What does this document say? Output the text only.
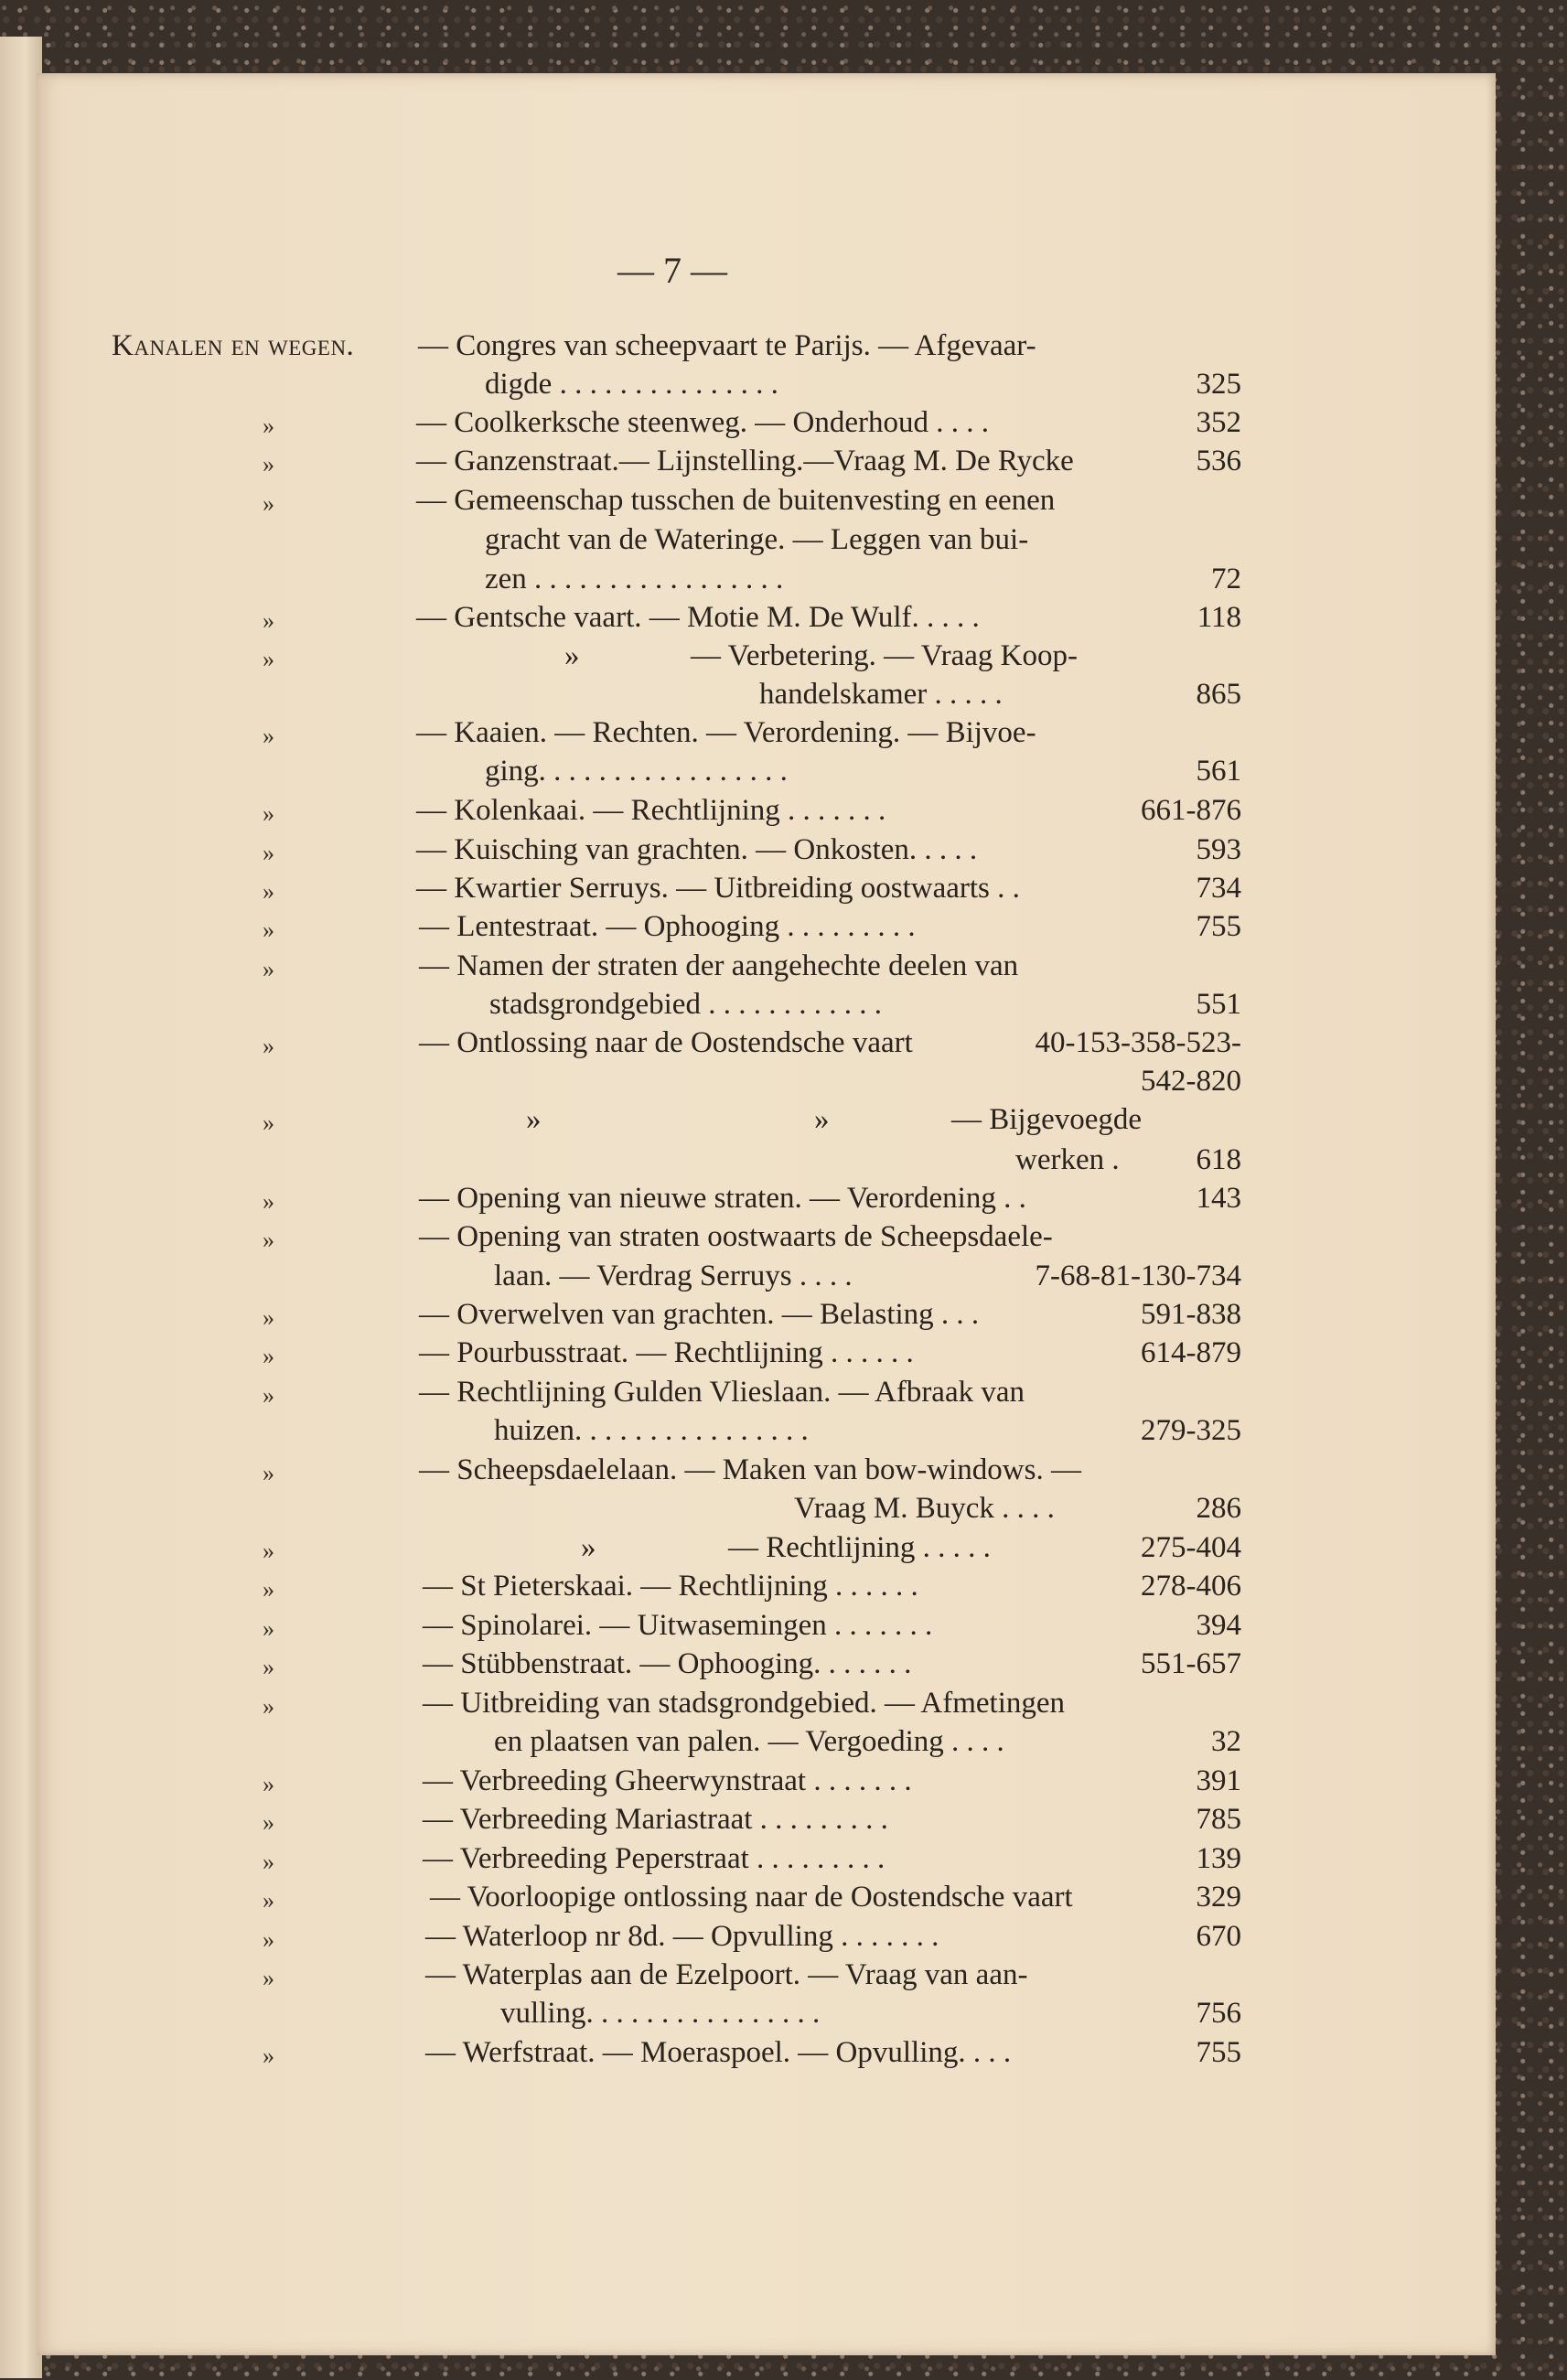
— 7 —
Kanalen en wegen. — Congres van scheepvaart te Parijs. — Afgevaar-
digde . . . . . . . . . . . . . . .	325
»	— Coolkerksche steenweg. — Onderhoud . . . .	352
»	— Ganzenstraat.— Lijnstelling.—Vraag M. De Rycke	536
»	— Gemeenschap tusschen de buitenvesting en eenen
gracht van de Wateringe. — Leggen van bui-
zen . . . . . . . . . . . . . . . . .	72
»	— Gentsche vaart. — Motie M. De Wulf. . . . .	118
»	»	— Verbetering. — Vraag Koop-
handelskamer . . . . .	865
»	— Kaaien. — Rechten. — Verordening. — Bijvoe-
ging. . . . . . . . . . . . . . . . .	561
»	— Kolenkaai. — Rechtlijning . . . . . . .	661-876
»	— Kuisching van grachten. — Onkosten. . . . .	593
»	— Kwartier Serruys. — Uitbreiding oostwaarts . .	734
»	— Lentestraat. — Ophooging . . . . . . . . .	755
»	— Namen der straten der aangehechte deelen van
stadsgrondgebied . . . . . . . . . . . .	551
»	— Ontlossing naar de Oostendsche vaart	40-153-358-523-
542-820
»	»	»	— Bijgevoegde
werken .	618
»	— Opening van nieuwe straten. — Verordening . .	143
»	— Opening van straten oostwaarts de Scheepsdaele-
laan. — Verdrag Serruys . . . .	7-68-81-130-734
»	— Overwelven van grachten. — Belasting . . .	591-838
»	— Pourbusstraat. — Rechtlijning . . . . . .	614-879
»	— Rechtlijning Gulden Vlieslaan. — Afbraak van
huizen. . . . . . . . . . . . . . . .	279-325
»	— Scheepsdaelelaan. — Maken van bow-windows. —
Vraag M. Buyck . . . .	286
»	»	— Rechtlijning . . . . .	275-404
»	— St Pieterskaai. — Rechtlijning . . . . . .	278-406
»	— Spinolarei. — Uitwasemingen . . . . . . .	394
»	— Stübbenstraat. — Ophooging. . . . . . .	551-657
»	— Uitbreiding van stadsgrondgebied. — Afmetingen
en plaatsen van palen. — Vergoeding . . . .	32
»	— Verbreeding Gheerwynstraat . . . . . . .	391
»	— Verbreeding Mariastraat . . . . . . . . .	785
»	— Verbreeding Peperstraat . . . . . . . . .	139
»	— Voorloopige ontlossing naar de Oostendsche vaart	329
»	— Waterloop nr 8d. — Opvulling . . . . . . .	670
»	— Waterplas aan de Ezelpoort. — Vraag van aan-
vulling. . . . . . . . . . . . . . . .	756
»	— Werfstraat. — Moeraspoel. — Opvulling. . . .	755
